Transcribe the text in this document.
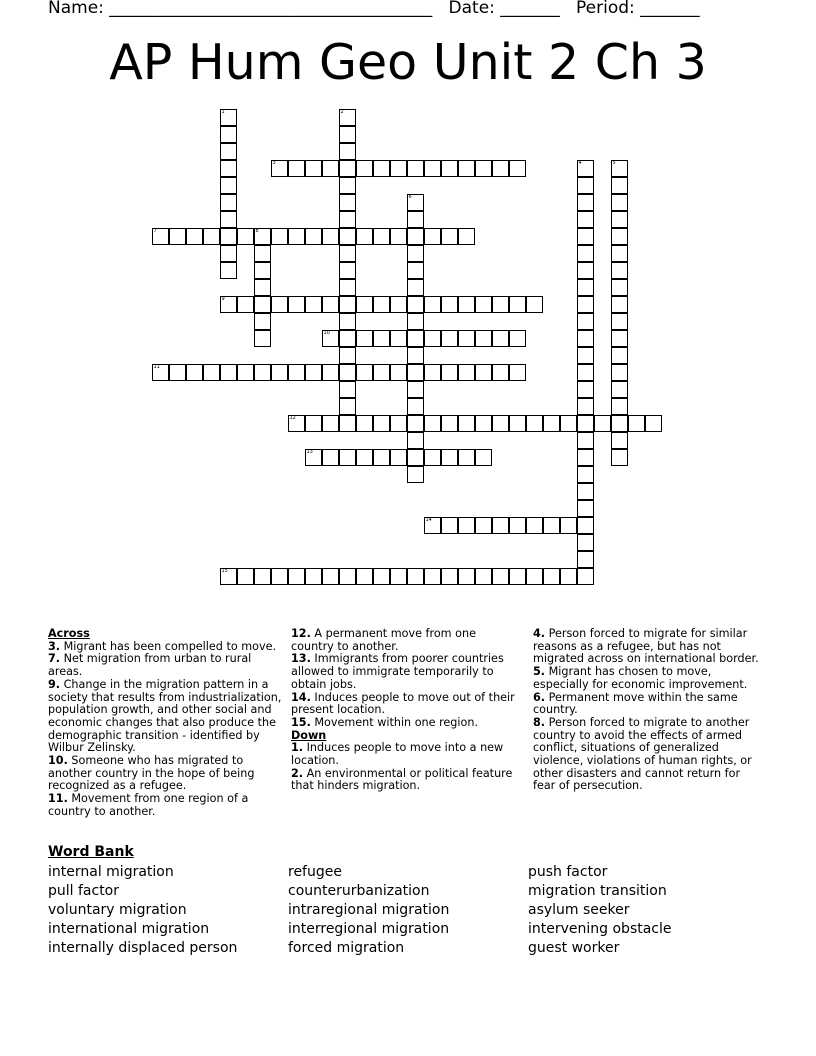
Name: ______________________________________ Date: _______ Period: _______
AP Hum Geo Unit 2 Ch 3
3
7	8
9
10
11
12
13
14
15
1	2
4	5
6
Across
3. Migrant has been compelled to move.
7. Net migration from urban to rural areas.
9. Change in the migration pattern in a society that results from industrialization, population growth, and other social and economic changes that also produce the demographic transition - identified by Wilbur Zelinsky.
10. Someone who has migrated to another country in the hope of being recognized as a refugee.
11. Movement from one region of a country to another.
12. A permanent move from one country to another.
13. Immigrants from poorer countries allowed to immigrate temporarily to obtain jobs.
14. Induces people to move out of their present location.
15. Movement within one region.
Down
1. Induces people to move into a new location.
2. An environmental or political feature that hinders migration.
4. Person forced to migrate for similar reasons as a refugee, but has not migrated across on international border.
5. Migrant has chosen to move, especially for economic improvement.
6. Permanent move within the same country.
8. Person forced to migrate to another country to avoid the effects of armed conflict, situations of generalized violence, violations of human rights, or other disasters and cannot return for fear of persecution.
Word Bank
internal migration
pull factor
voluntary migration
international migration
internally displaced person
refugee
counterurbanization
intraregional migration
interregional migration
forced migration
push factor
migration transition
asylum seeker
intervening obstacle
guest worker
